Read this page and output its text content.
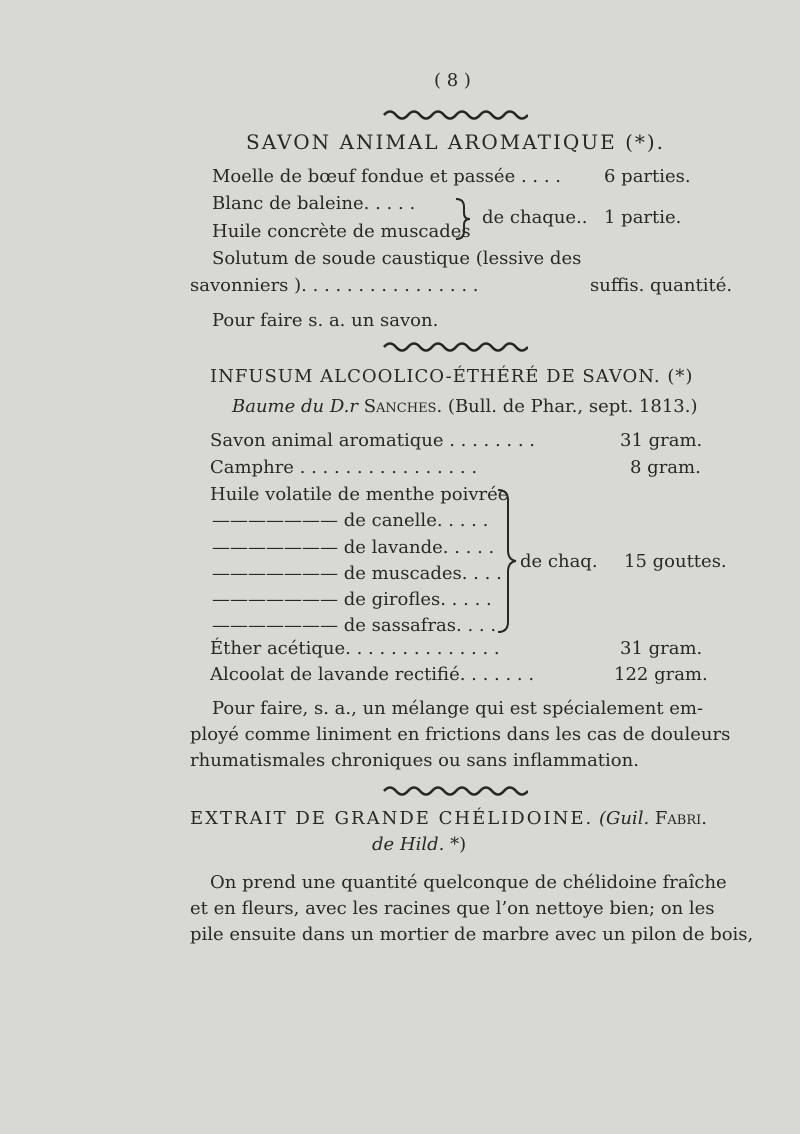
( 8 )
SAVON ANIMAL AROMATIQUE (*).
Moelle de bœuf fondue et passée . . . . 6 parties.
Blanc de baleine. . . . .
Huile concrète de muscades
de chaque.. 1 partie.
Solutum de soude caustique (lessive des
savonniers ). . . . . . . . . . . . . . . .	suffis. quantité.
Pour faire s. a. un savon.
INFUSUM ALCOOLICO-ÉTHÉRÉ DE SAVON. (*)
Baume du D.r Sanches. (Bull. de Phar., sept. 1813.)
Savon animal aromatique . . . . . . . .	31 gram.
Camphre . . . . . . . . . . . . . . . .	8 gram.
Huile volatile de menthe poivrée
——————— de canelle. . . . .
——————— de lavande. . . . .
——————— de muscades. . . .
——————— de girofles. . . . .
——————— de sassafras. . . . .
de chaq. 15 gouttes.
Éther acétique. . . . . . . . . . . . . .	31 gram.
Alcoolat de lavande rectifié. . . . . . .	122 gram.
Pour faire, s. a., un mélange qui est spécialement em-
ployé comme liniment en frictions dans les cas de douleurs
rhumatismales chroniques ou sans inflammation.
EXTRAIT DE GRANDE CHÉLIDOINE. (Guil. Fabri.
de Hild. *)
On prend une quantité quelconque de chélidoine fraîche
et en fleurs, avec les racines que l’on nettoye bien; on les
pile ensuite dans un mortier de marbre avec un pilon de bois,
